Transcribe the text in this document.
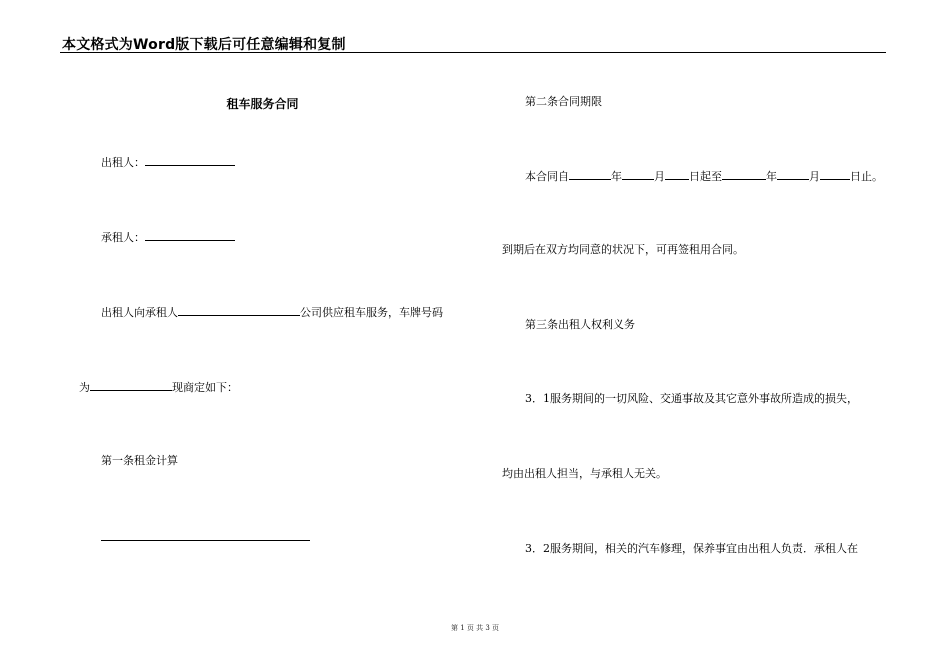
本文格式为Word版下载后可任意编辑和复制
租车服务合同
出租人：
承租人：
出租人向承租人	公司供应租车服务，车牌号码
为	现商定如下：
第一条租金计算
第二条合同期限
本合同自	年	月 日起至	年	月	日止。
到期后在双方均同意的状况下，可再签租用合同。
第三条出租人权利义务
3．1服务期间的一切风险、交通事故及其它意外事故所造成的损失，
均由出租人担当，与承租人无关。
3．2服务期间，相关的汽车修理，保养事宜由出租人负责．承租人在
第 1 页 共 3 页
